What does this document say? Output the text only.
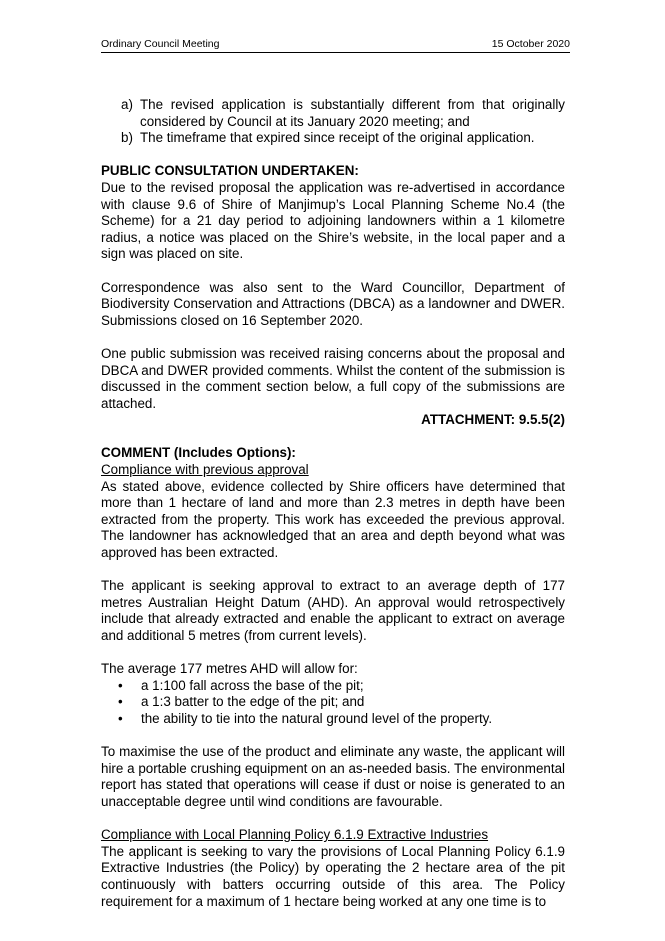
Ordinary Council Meeting	15 October 2020
a) The revised application is substantially different from that originally considered by Council at its January 2020 meeting; and
b) The timeframe that expired since receipt of the original application.

PUBLIC CONSULTATION UNDERTAKEN:

Due to the revised proposal the application was re-advertised in accordance with clause 9.6 of Shire of Manjimup’s Local Planning Scheme No.4 (the Scheme) for a 21 day period to adjoining landowners within a 1 kilometre radius, a notice was placed on the Shire’s website, in the local paper and a sign was placed on site.

Correspondence was also sent to the Ward Councillor, Department of Biodiversity Conservation and Attractions (DBCA) as a landowner and DWER. Submissions closed on 16 September 2020.

One public submission was received raising concerns about the proposal and DBCA and DWER provided comments. Whilst the content of the submission is discussed in the comment section below, a full copy of the submissions are attached.

ATTACHMENT: 9.5.5(2)

COMMENT (Includes Options):

Compliance with previous approval

As stated above, evidence collected by Shire officers have determined that more than 1 hectare of land and more than 2.3 metres in depth have been extracted from the property. This work has exceeded the previous approval. The landowner has acknowledged that an area and depth beyond what was approved has been extracted.

The applicant is seeking approval to extract to an average depth of 177 metres Australian Height Datum (AHD). An approval would retrospectively include that already extracted and enable the applicant to extract on average and additional 5 metres (from current levels).

The average 177 metres AHD will allow for:

•	a 1:100 fall across the base of the pit;
•	a 1:3 batter to the edge of the pit; and
•	the ability to tie into the natural ground level of the property.

To maximise the use of the product and eliminate any waste, the applicant will hire a portable crushing equipment on an as-needed basis. The environmental report has stated that operations will cease if dust or noise is generated to an unacceptable degree until wind conditions are favourable.

Compliance with Local Planning Policy 6.1.9 Extractive Industries

The applicant is seeking to vary the provisions of Local Planning Policy 6.1.9 Extractive Industries (the Policy) by operating the 2 hectare area of the pit continuously with batters occurring outside of this area. The Policy requirement for a maximum of 1 hectare being worked at any one time is to
